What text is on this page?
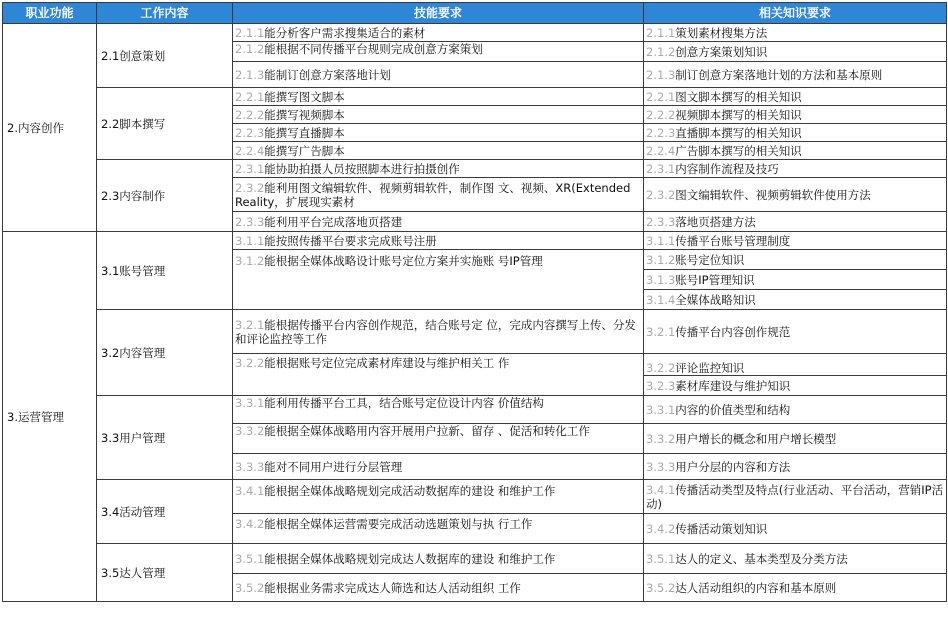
职业功能	工作内容	技能要求	相关知识要求
2.内容创作	2.1创意策划	2.1.1能分析客户需求搜集适合的素材	2.1.1策划素材搜集方法
		2.1.2能根据不同传播平台规则完成创意方案策划	2.1.2创意方案策划知识
		2.1.3能制订创意方案落地计划	2.1.3制订创意方案落地计划的方法和基本原则
	2.2脚本撰写	2.2.1能撰写图文脚本	2.2.1图文脚本撰写的相关知识
		2.2.2能撰写视频脚本	2.2.2视频脚本撰写的相关知识
		2.2.3能撰写直播脚本	2.2.3直播脚本撰写的相关知识
		2.2.4能撰写广告脚本	2.2.4广告脚本撰写的相关知识
	2.3内容制作	2.3.1能协助拍摄人员按照脚本进行拍摄创作	2.3.1内容制作流程及技巧
		2.3.2能利用图文编辑软件、视频剪辑软件，制作图 文、视频、XR(Extended Reality，扩展现实素材	2.3.2图文编辑软件、视频剪辑软件使用方法
		2.3.3能利用平台完成落地页搭建	2.3.3落地页搭建方法
3.运营管理	3.1账号管理	3.1.1能按照传播平台要求完成账号注册	3.1.1传播平台账号管理制度
		3.1.2能根据全媒体战略设计账号定位方案并实施账 号IP管理	3.1.2账号定位知识
			3.1.3账号IP管理知识
			3.1.4全媒体战略知识
	3.2内容管理	3.2.1能根据传播平台内容创作规范，结合账号定 位，完成内容撰写上传、分发和评论监控等工作	3.2.1传播平台内容创作规范
		3.2.2能根据账号定位完成素材库建设与维护相关工 作	3.2.2评论监控知识
			3.2.3素材库建设与维护知识
	3.3用户管理	3.3.1能利用传播平台工具，结合账号定位设计内容 价值结构	3.3.1内容的价值类型和结构
		3.3.2能根据全媒体战略用内容开展用户拉新、留存 、促活和转化工作	3.3.2用户增长的概念和用户增长模型
		3.3.3能对不同用户进行分层管理	3.3.3用户分层的内容和方法
	3.4活动管理	3.4.1能根据全媒体战略规划完成活动数据库的建设 和维护工作	3.4.1传播活动类型及特点(行业活动、平台活动，营销IP活动)
		3.4.2能根据全媒体运营需要完成活动选题策划与执 行工作	3.4.2传播活动策划知识
	3.5达人管理	3.5.1能根据全媒体战略规划完成达人数据库的建设 和维护工作	3.5.1达人的定义、基本类型及分类方法
		3.5.2能根据业务需求完成达人筛选和达人活动组织 工作	3.5.2达人活动组织的内容和基本原则
